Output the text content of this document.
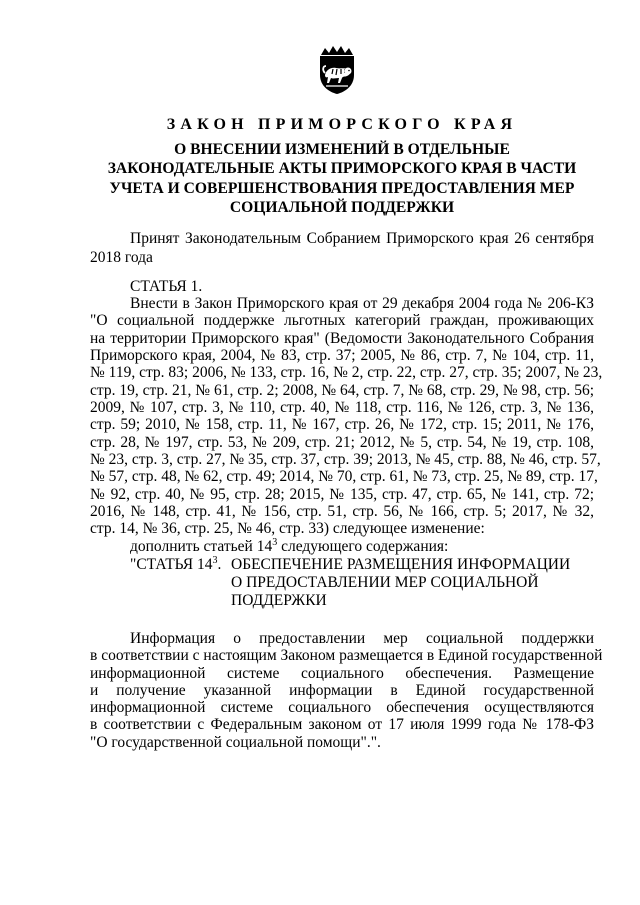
ЗАКОН ПРИМОРСКОГО КРАЯ
О ВНЕСЕНИИ ИЗМЕНЕНИЙ В ОТДЕЛЬНЫЕ
ЗАКОНОДАТЕЛЬНЫЕ АКТЫ ПРИМОРСКОГО КРАЯ В ЧАСТИ
УЧЕТА И СОВЕРШЕНСТВОВАНИЯ ПРЕДОСТАВЛЕНИЯ МЕР
СОЦИАЛЬНОЙ ПОДДЕРЖКИ
Принят Законодательным Собранием Приморского края 26 сентября
2018 года
СТАТЬЯ 1.
Внести в Закон Приморского края от 29 декабря 2004 года № 206-КЗ
"О социальной поддержке льготных категорий граждан, проживающих
на территории Приморского края" (Ведомости Законодательного Собрания
Приморского края, 2004, № 83, стр. 37; 2005, № 86, стр. 7, № 104, стр. 11,
№ 119, стр. 83; 2006, № 133, стр. 16, № 2, стр. 22, стр. 27, стр. 35; 2007, № 23,
стр. 19, стр. 21, № 61, стр. 2; 2008, № 64, стр. 7, № 68, стр. 29, № 98, стр. 56;
2009, № 107, стр. 3, № 110, стр. 40, № 118, стр. 116, № 126, стр. 3, № 136,
стр. 59; 2010, № 158, стр. 11, № 167, стр. 26, № 172, стр. 15; 2011, № 176,
стр. 28, № 197, стр. 53, № 209, стр. 21; 2012, № 5, стр. 54, № 19, стр. 108,
№ 23, стр. 3, стр. 27, № 35, стр. 37, стр. 39; 2013, № 45, стр. 88, № 46, стр. 57,
№ 57, стр. 48, № 62, стр. 49; 2014, № 70, стр. 61, № 73, стр. 25, № 89, стр. 17,
№ 92, стр. 40, № 95, стр. 28; 2015, № 135, стр. 47, стр. 65, № 141, стр. 72;
2016, № 148, стр. 41, № 156, стр. 51, стр. 56, № 166, стр. 5; 2017, № 32,
стр. 14, № 36, стр. 25, № 46, стр. 33) следующее изменение:
дополнить статьей $14^3$ следующего содержания:
"СТАТЬЯ $14^3$. ОБЕСПЕЧЕНИЕ РАЗМЕЩЕНИЯ ИНФОРМАЦИИ
О ПРЕДОСТАВЛЕНИИ МЕР СОЦИАЛЬНОЙ
ПОДДЕРЖКИ
Информация о предоставлении мер социальной поддержки
в соответствии с настоящим Законом размещается в Единой государственной
информационной системе социального обеспечения. Размещение
и получение указанной информации в Единой государственной
информационной системе социального обеспечения осуществляются
в соответствии с Федеральным законом от 17 июля 1999 года № 178-ФЗ
"О государственной социальной помощи".".
